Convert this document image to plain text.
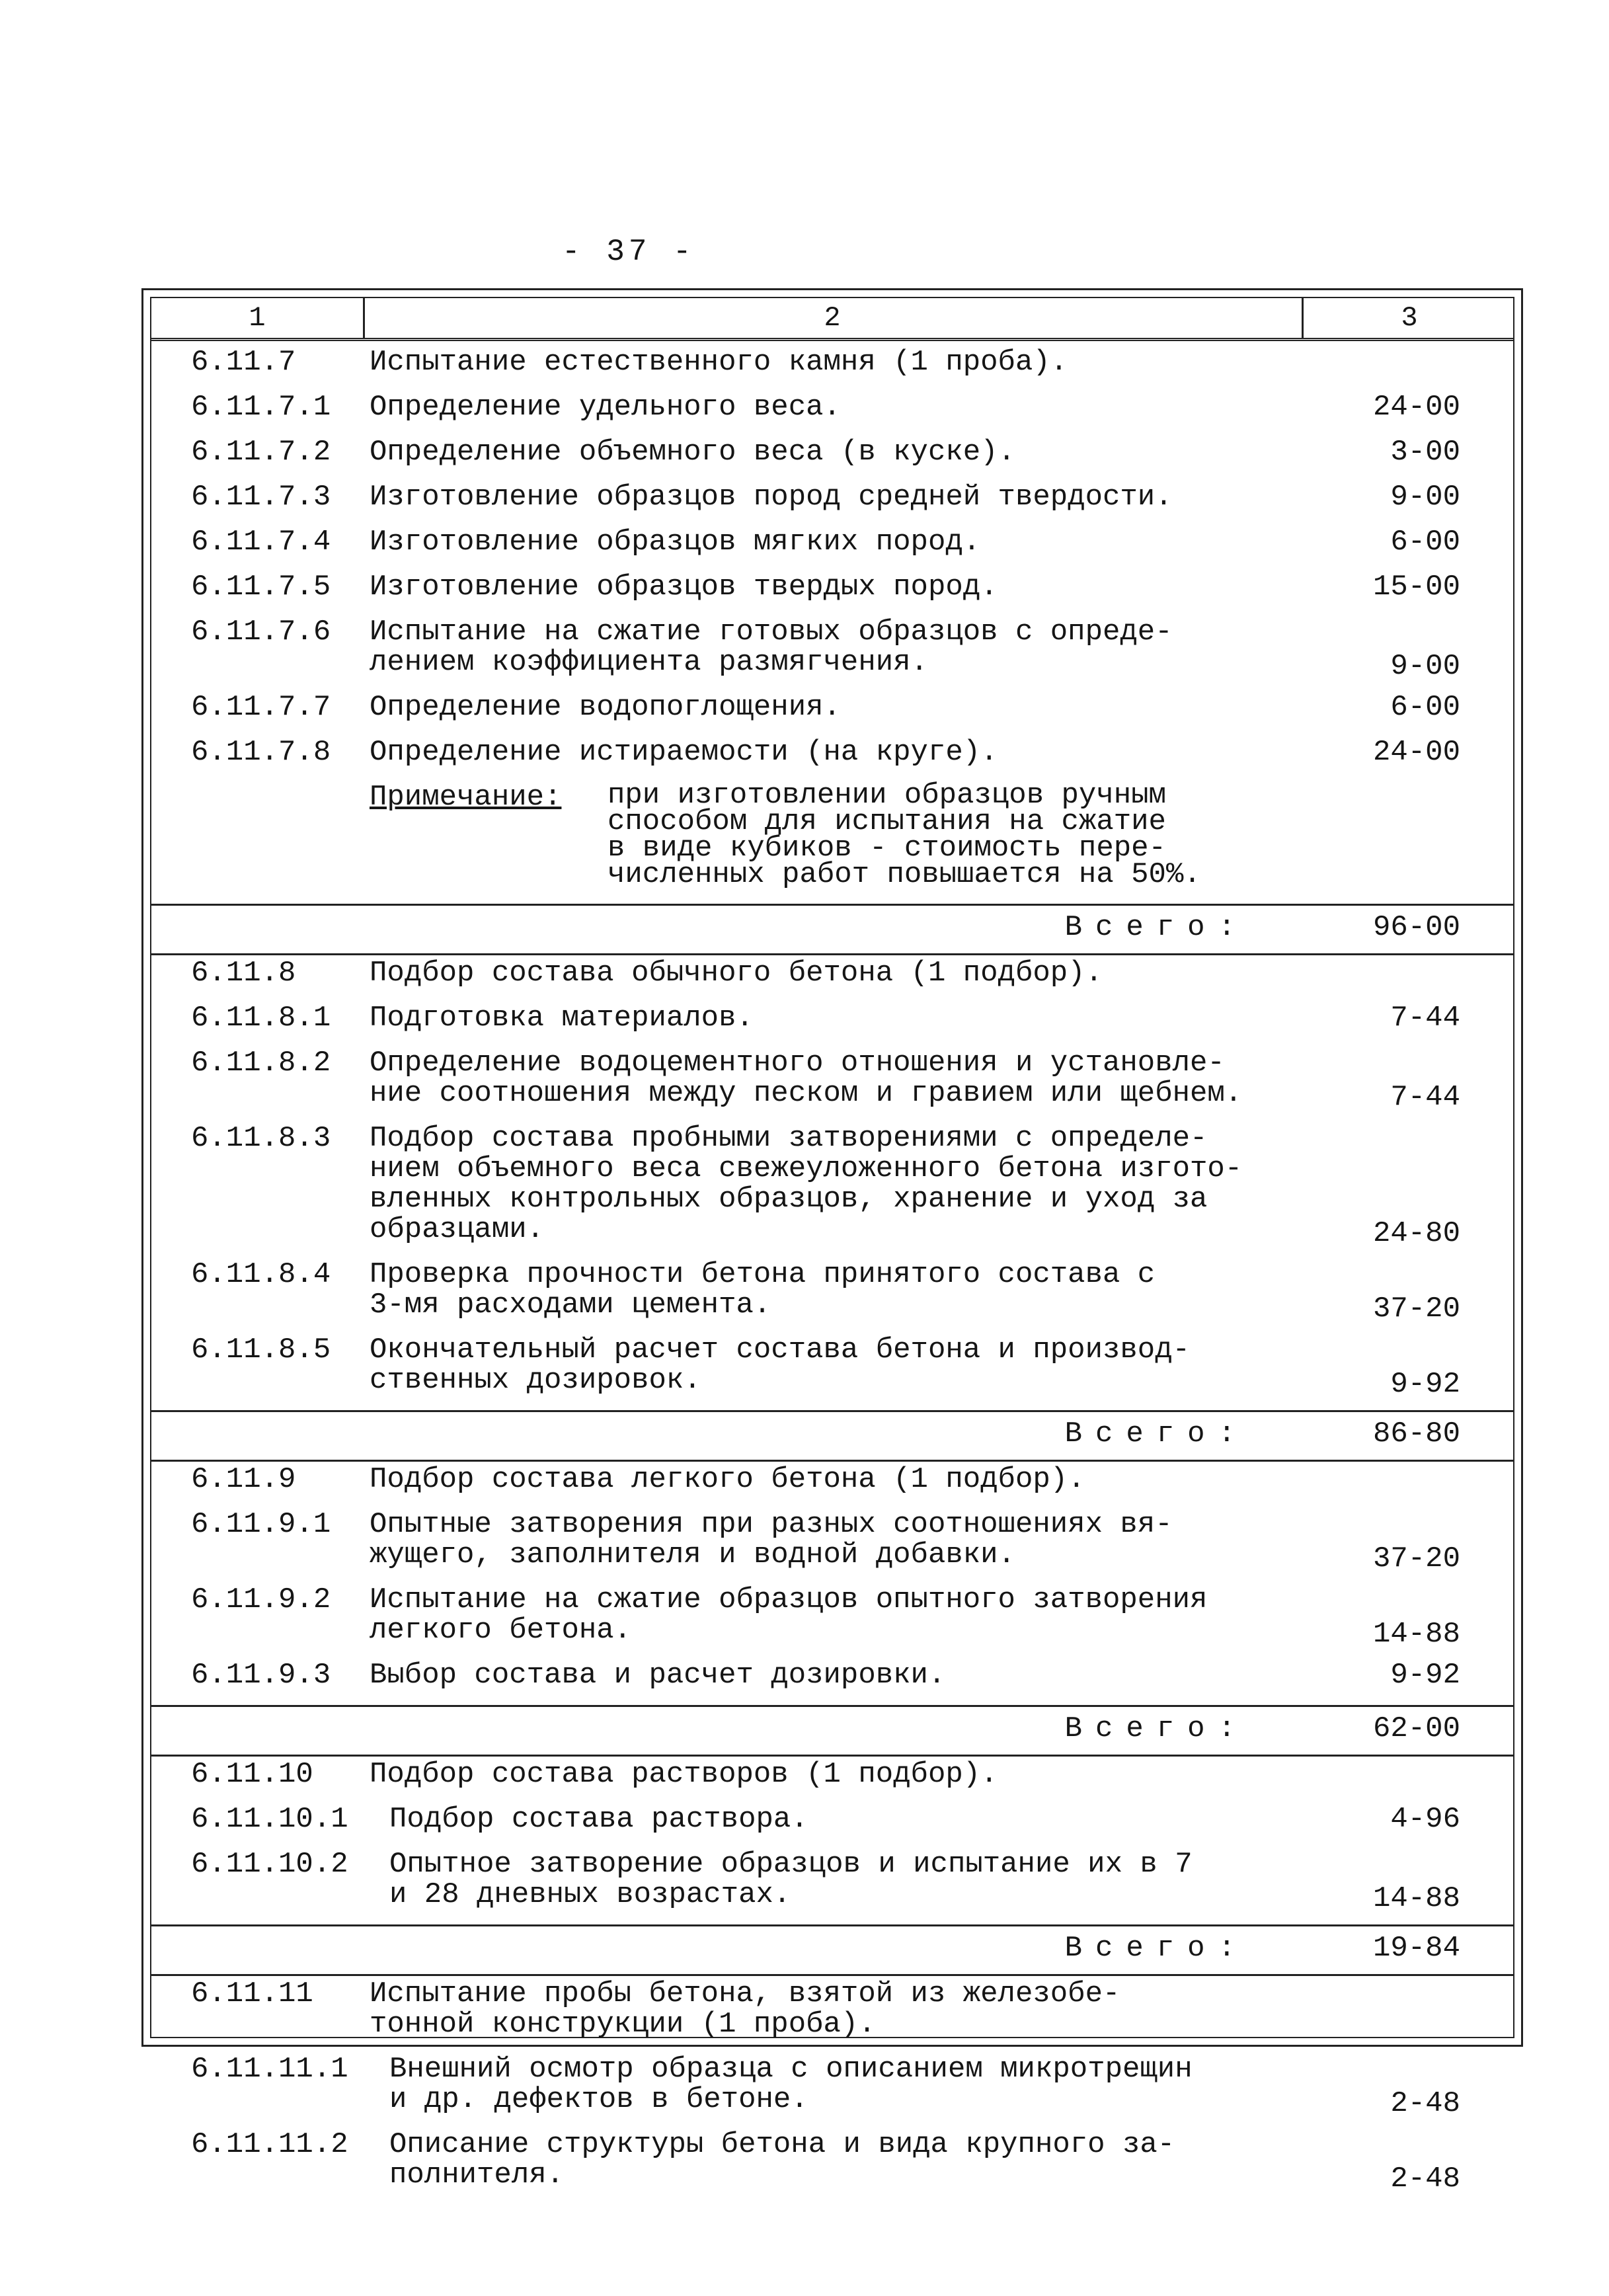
- 37 -
1	2	3
6.11.7	Испытание естественного камня (1 проба).
6.11.7.1 Определение удельного веса.	24-00
6.11.7.2 Определение объемного веса (в куске).	3-00
6.11.7.3 Изготовление образцов пород средней твердости.	9-00
6.11.7.4 Изготовление образцов мягких пород.	6-00
6.11.7.5 Изготовление образцов твердых пород.	15-00
6.11.7.6 Испытание на сжатие готовых образцов с опреде-
лением коэффициента размягчения.	9-00
6.11.7.7 Определение водопоглощения.	6-00
6.11.7.8 Определение истираемости (на круге).	24-00
Примечание: при изготовлении образцов ручным
способом для испытания на сжатие
в виде кубиков - стоимость пере-
численных работ повышается на 50%.
Всего:	96-00
6.11.8	Подбор состава обычного бетона (1 подбор).
6.11.8.1 Подготовка материалов.	7-44
6.11.8.2 Определение водоцементного отношения и установле-
ние соотношения между песком и гравием или щебнем.	7-44
6.11.8.3 Подбор состава пробными затворениями с определе-
нием объемного веса свежеуложенного бетона изгото-
вленных контрольных образцов, хранение и уход за
образцами.	24-80
6.11.8.4 Проверка прочности бетона принятого состава с
3-мя расходами цемента.	37-20
6.11.8.5 Окончательный расчет состава бетона и производ-
ственных дозировок.	9-92
Всего:	86-80
6.11.9	Подбор состава легкого бетона (1 подбор).
6.11.9.1 Опытные затворения при разных соотношениях вя-
жущего, заполнителя и водной добавки.	37-20
6.11.9.2 Испытание на сжатие образцов опытного затворения
легкого бетона.	14-88
6.11.9.3 Выбор состава и расчет дозировки.	9-92
Всего:	62-00
6.11.10 Подбор состава растворов (1 подбор).
6.11.10.1 Подбор состава раствора.	4-96
6.11.10.2 Опытное затворение образцов и испытание их в 7
и 28 дневных возрастах.	14-88
Всего:	19-84
6.11.11 Испытание пробы бетона, взятой из железобе-
тонной конструкции (1 проба).
6.11.11.1 Внешний осмотр образца с описанием микротрещин
и др. дефектов в бетоне.	2-48
6.11.11.2 Описание структуры бетона и вида крупного за-
полнителя.	2-48
